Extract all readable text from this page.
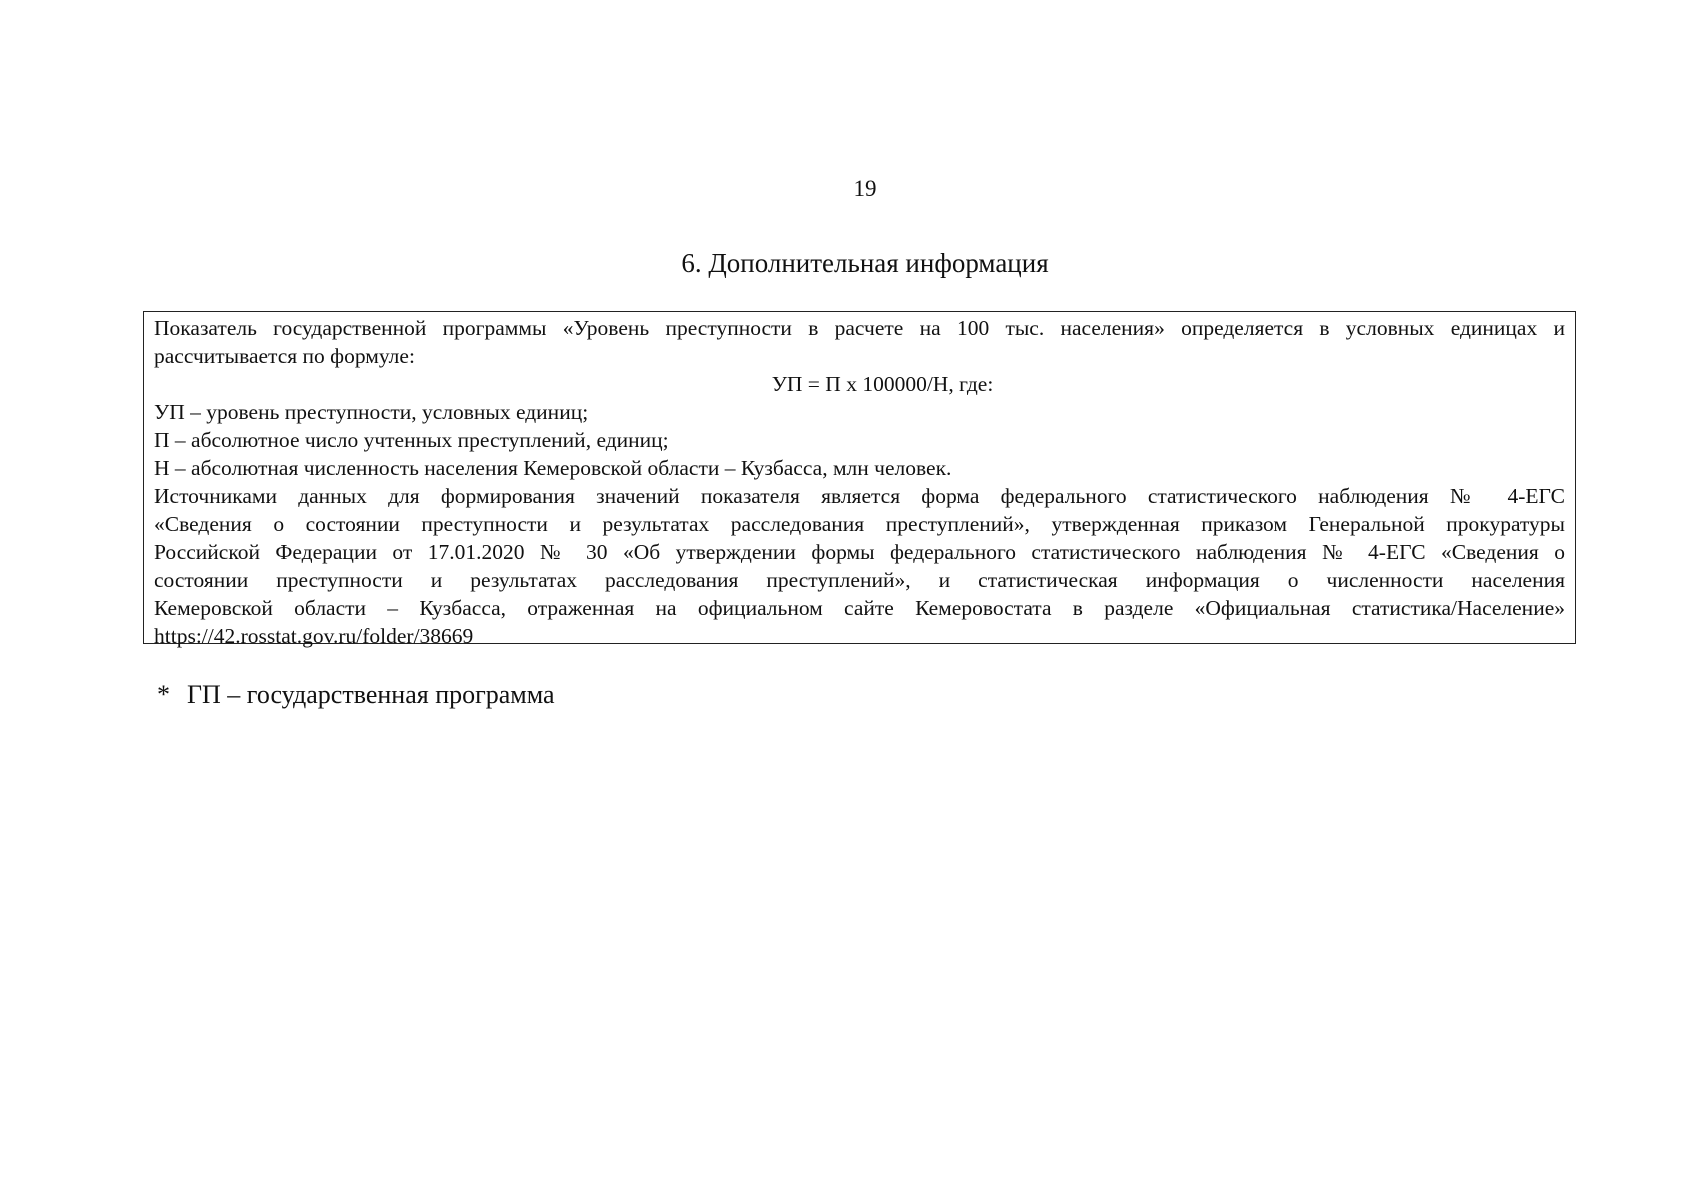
19
6. Дополнительная информация
Показатель государственной программы «Уровень преступности в расчете на 100 тыс. населения» определяется в условных единицах и
рассчитывается по формуле:
УП = П х 100000/Н, где:
УП – уровень преступности, условных единиц;
П – абсолютное число учтенных преступлений, единиц;
Н – абсолютная численность населения Кемеровской области – Кузбасса, млн человек.
Источниками данных для формирования значений показателя является форма федерального статистического наблюдения № 4-ЕГС
«Сведения о состоянии преступности и результатах расследования преступлений», утвержденная приказом Генеральной прокуратуры
Российской Федерации от 17.01.2020 № 30 «Об утверждении формы федерального статистического наблюдения № 4-ЕГС «Сведения о
состоянии преступности и результатах расследования преступлений», и статистическая информация о численности населения
Кемеровской области – Кузбасса, отраженная на официальном сайте Кемеровостата в разделе «Официальная статистика/Население»
https://42.rosstat.gov.ru/folder/38669
* ГП – государственная программа
